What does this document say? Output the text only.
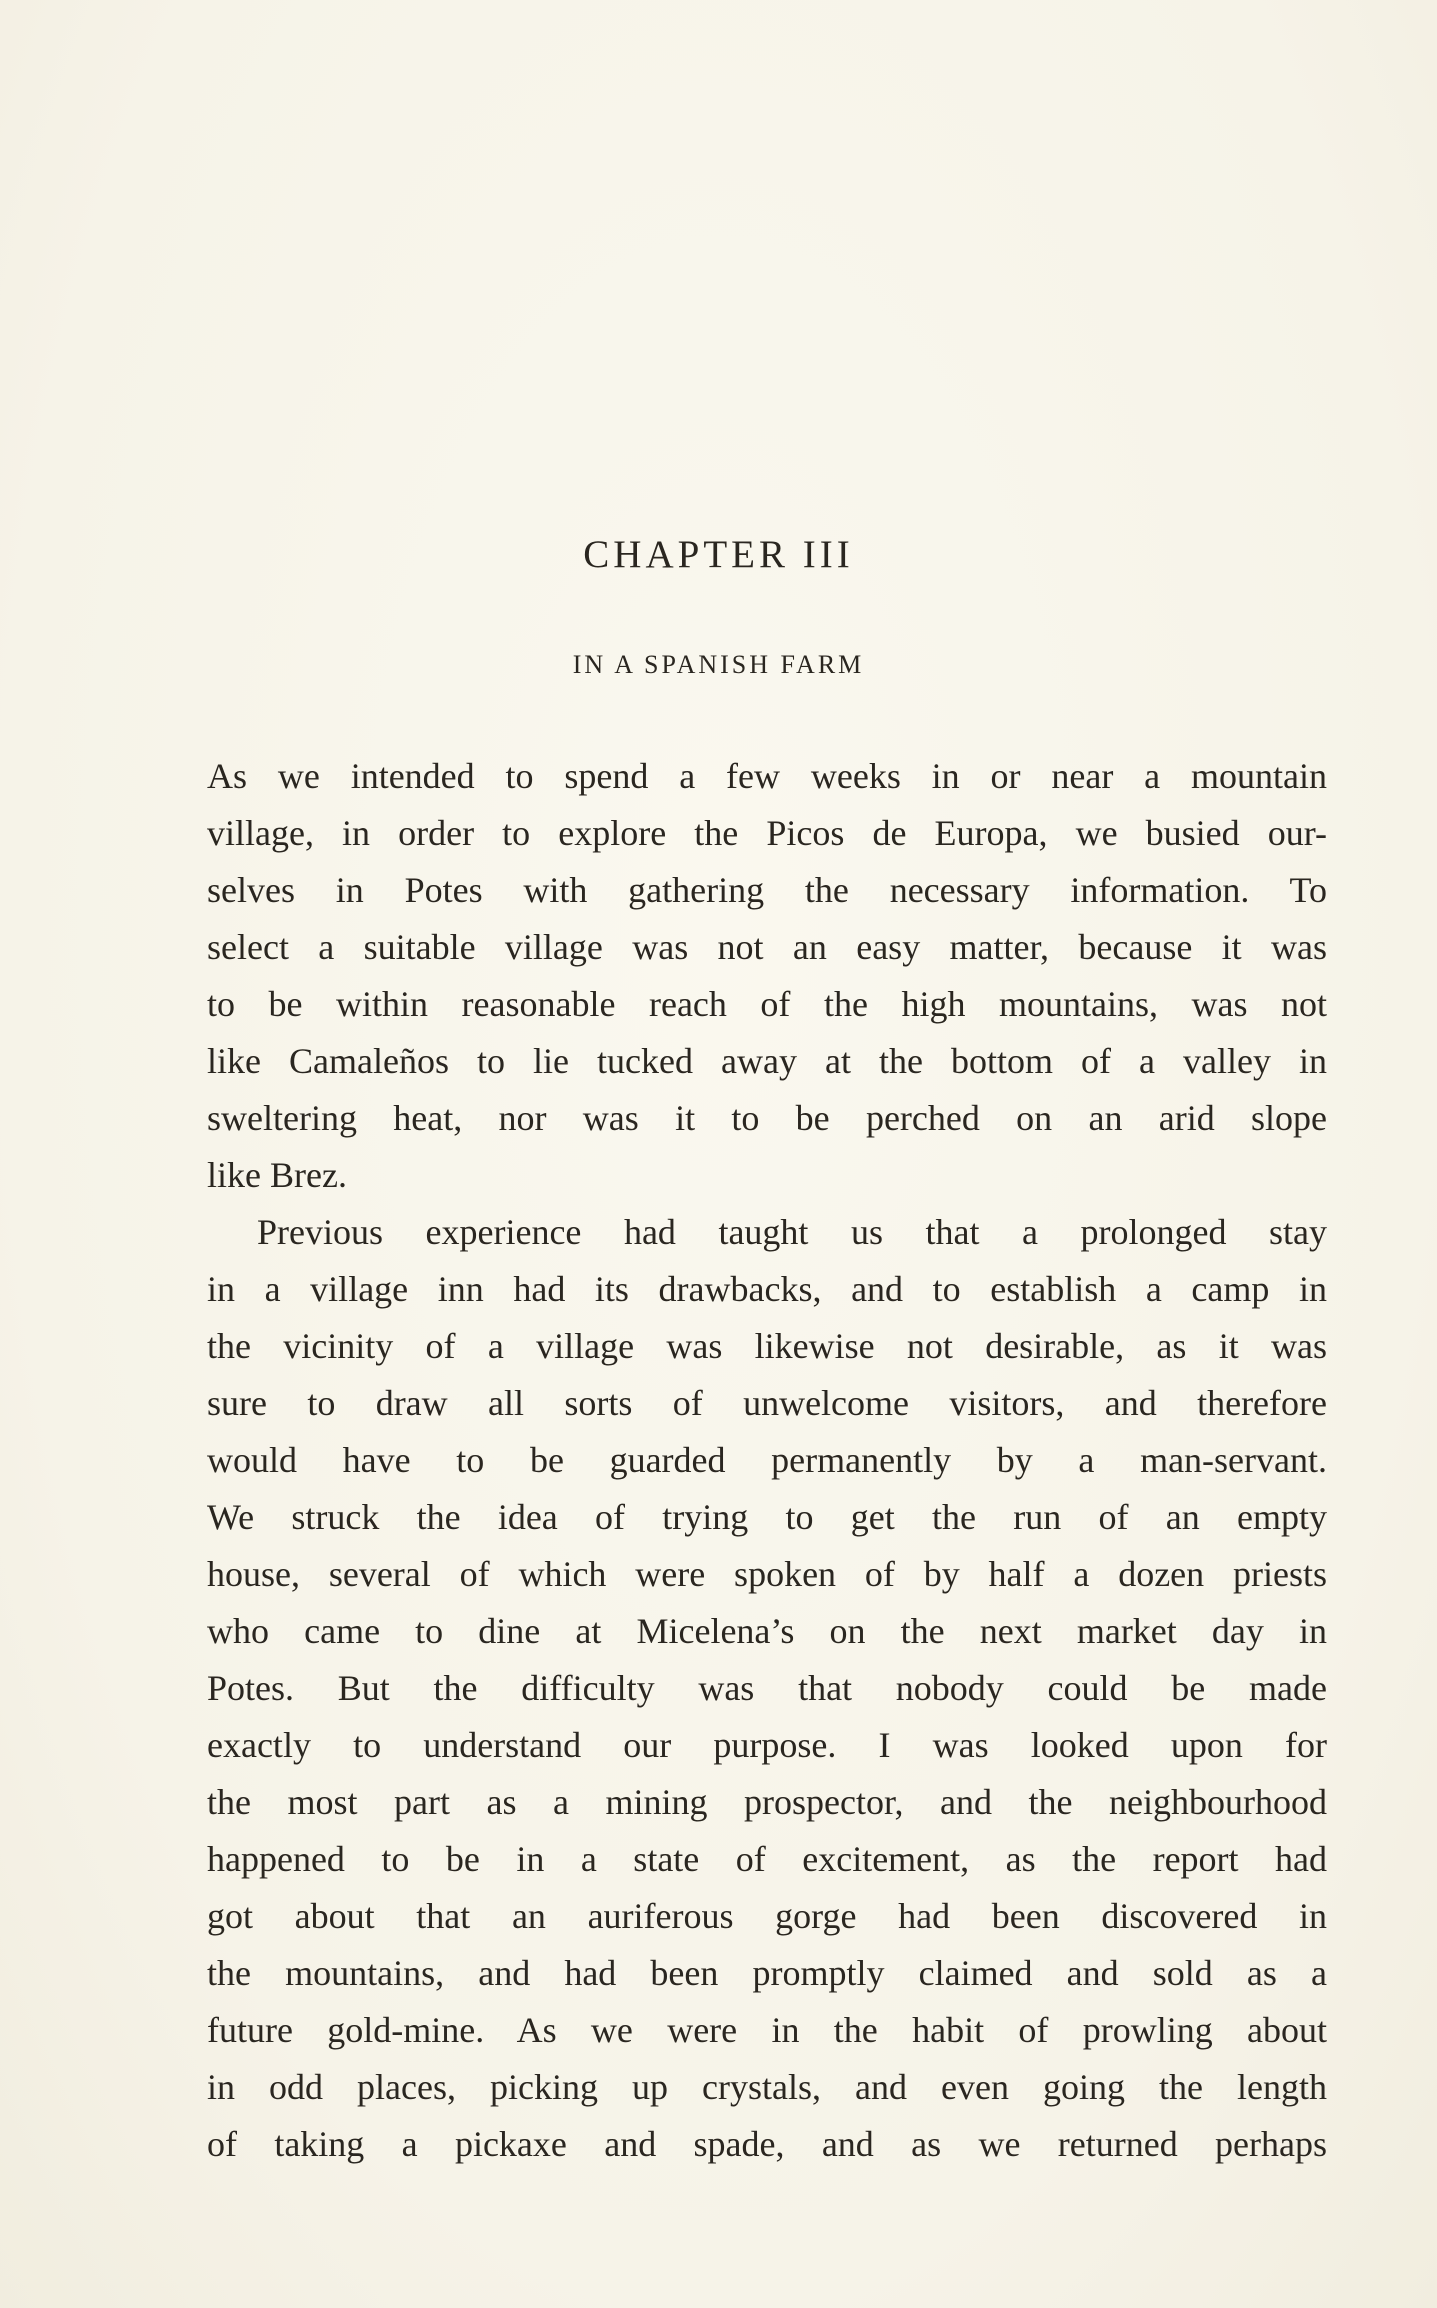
CHAPTER III
IN A SPANISH FARM

As we intended to spend a few weeks in or near a mountain
village, in order to explore the Picos de Europa, we busied our-
selves in Potes with gathering the necessary information. To
select a suitable village was not an easy matter, because it was
to be within reasonable reach of the high mountains, was not
like Camaleños to lie tucked away at the bottom of a valley in
sweltering heat, nor was it to be perched on an arid slope
like Brez.

Previous experience had taught us that a prolonged stay
in a village inn had its drawbacks, and to establish a camp in
the vicinity of a village was likewise not desirable, as it was
sure to draw all sorts of unwelcome visitors, and therefore
would have to be guarded permanently by a man-servant.
We struck the idea of trying to get the run of an empty
house, several of which were spoken of by half a dozen priests
who came to dine at Micelena’s on the next market day in
Potes. But the difficulty was that nobody could be made
exactly to understand our purpose. I was looked upon for
the most part as a mining prospector, and the neighbourhood
happened to be in a state of excitement, as the report had
got about that an auriferous gorge had been discovered in
the mountains, and had been promptly claimed and sold as a
future gold-mine. As we were in the habit of prowling about
in odd places, picking up crystals, and even going the length
of taking a pickaxe and spade, and as we returned perhaps
